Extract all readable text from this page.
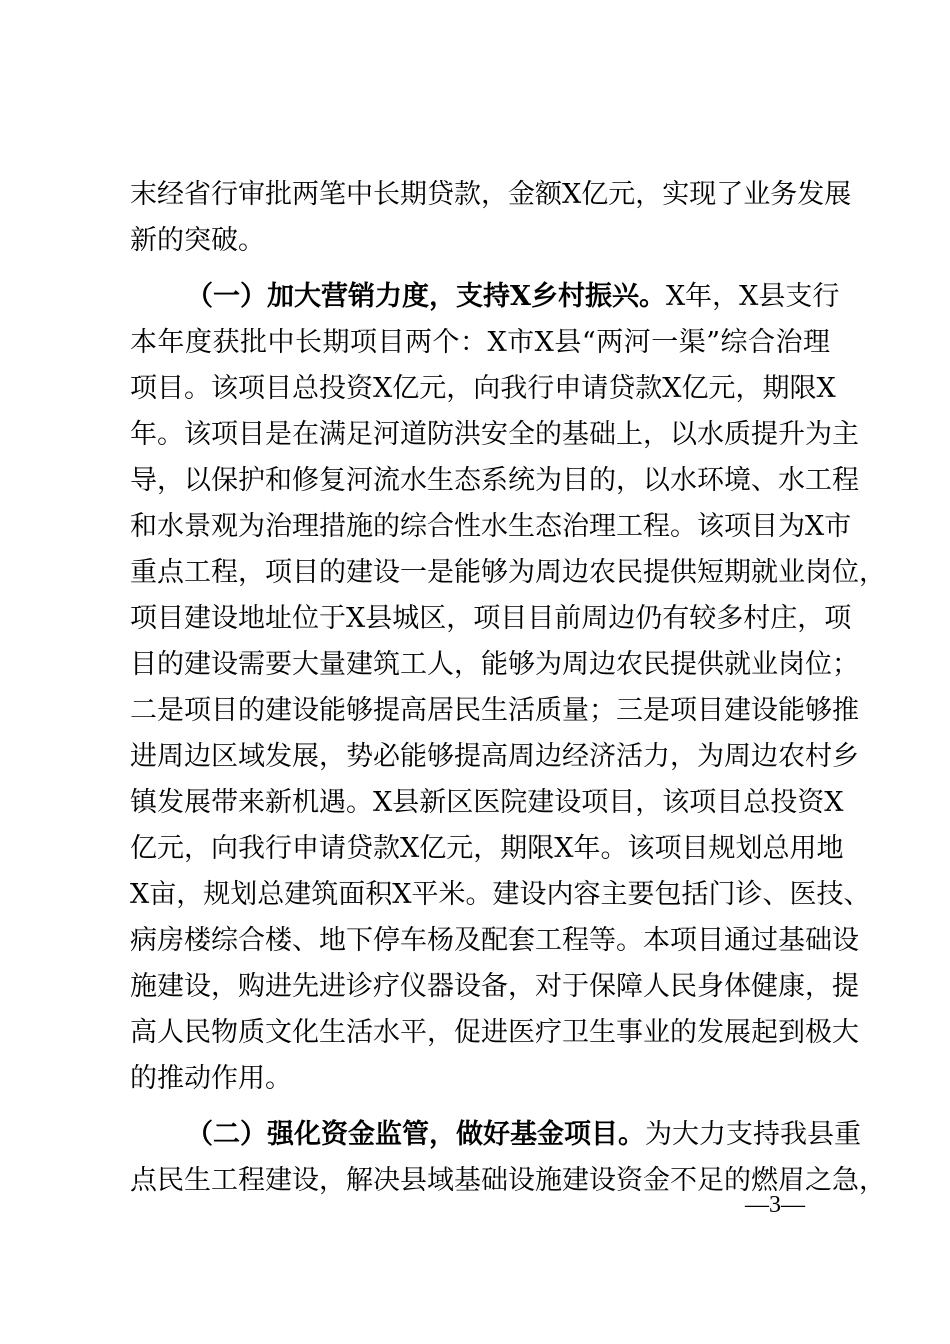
末经省行审批两笔中长期贷款，金额X亿元，实现了业务发展
新的突破。
（一）加大营销力度，支持X乡村振兴。X年，X县支行
本年度获批中长期项目两个：X市X县“两河一渠”综合治理
项目。该项目总投资X亿元，向我行申请贷款X亿元，期限X
年。该项目是在满足河道防洪安全的基础上，以水质提升为主
导，以保护和修复河流水生态系统为目的，以水环境、水工程
和水景观为治理措施的综合性水生态治理工程。该项目为X市
重点工程，项目的建设一是能够为周边农民提供短期就业岗位，
项目建设地址位于X县城区，项目目前周边仍有较多村庄，项
目的建设需要大量建筑工人，能够为周边农民提供就业岗位；
二是项目的建设能够提高居民生活质量；三是项目建设能够推
进周边区域发展，势必能够提高周边经济活力，为周边农村乡
镇发展带来新机遇。X县新区医院建设项目，该项目总投资X
亿元，向我行申请贷款X亿元，期限X年。该项目规划总用地
X亩，规划总建筑面积X平米。建设内容主要包括门诊、医技、
病房楼综合楼、地下停车杨及配套工程等。本项目通过基础设
施建设，购进先进诊疗仪器设备，对于保障人民身体健康，提
高人民物质文化生活水平，促进医疗卫生事业的发展起到极大
的推动作用。
（二）强化资金监管，做好基金项目。为大力支持我县重
点民生工程建设，解决县域基础设施建设资金不足的燃眉之急，
—3—
